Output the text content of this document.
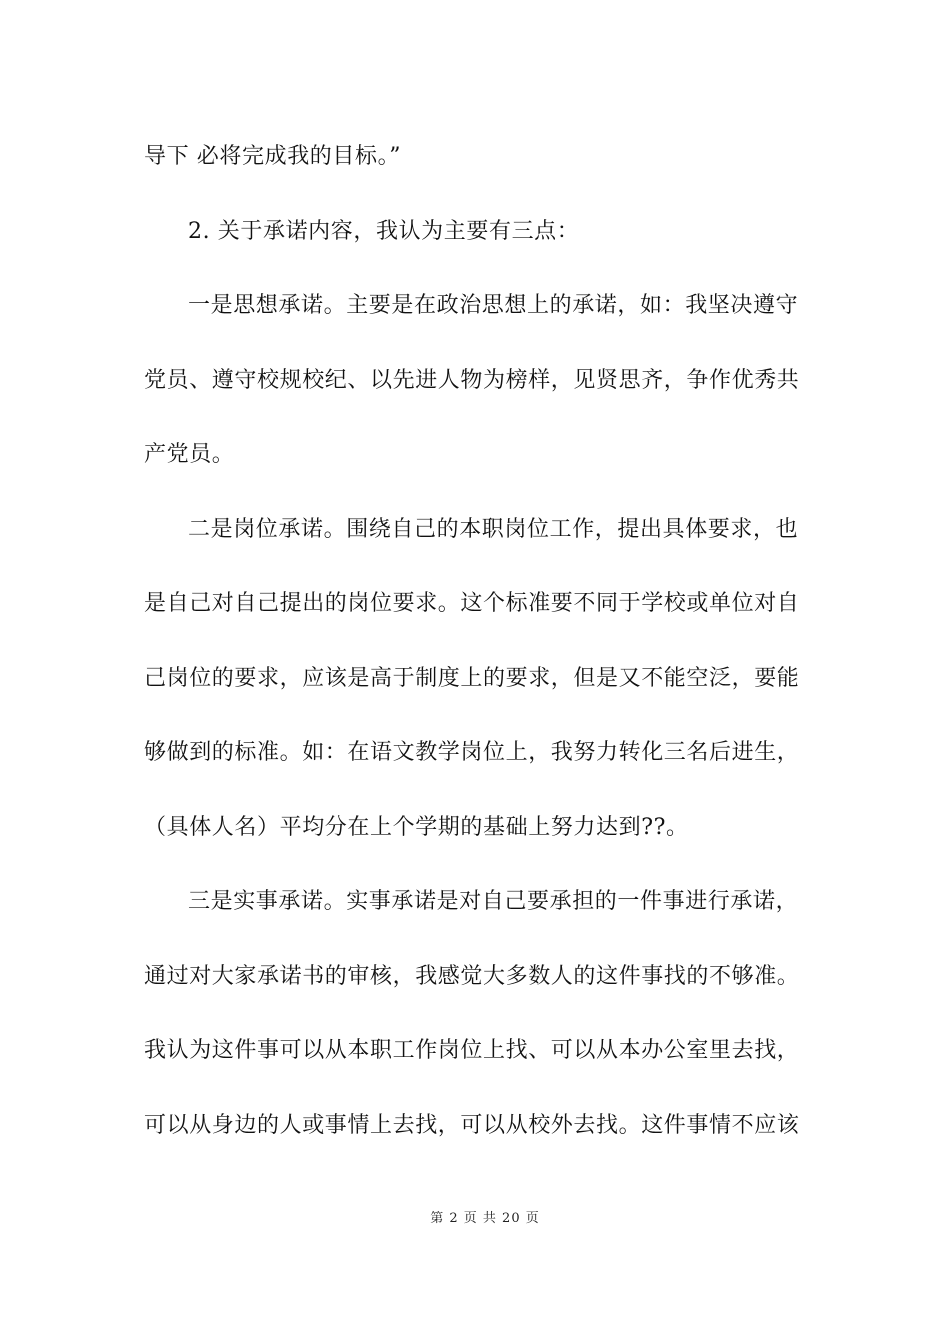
导下 必将完成我的目标。”
2. 关于承诺内容，我认为主要有三点：
一是思想承诺。主要是在政治思想上的承诺，如：我坚决遵守
党员、遵守校规校纪、以先进人物为榜样，见贤思齐，争作优秀共
产党员。
二是岗位承诺。围绕自己的本职岗位工作，提出具体要求，也
是自己对自己提出的岗位要求。这个标准要不同于学校或单位对自
己岗位的要求，应该是高于制度上的要求，但是又不能空泛，要能
够做到的标准。如：在语文教学岗位上，我努力转化三名后进生，
（具体人名）平均分在上个学期的基础上努力达到??。
三是实事承诺。实事承诺是对自己要承担的一件事进行承诺，
通过对大家承诺书的审核，我感觉大多数人的这件事找的不够准。
我认为这件事可以从本职工作岗位上找、可以从本办公室里去找，
可以从身边的人或事情上去找，可以从校外去找。这件事情不应该
第 2 页 共 20 页
